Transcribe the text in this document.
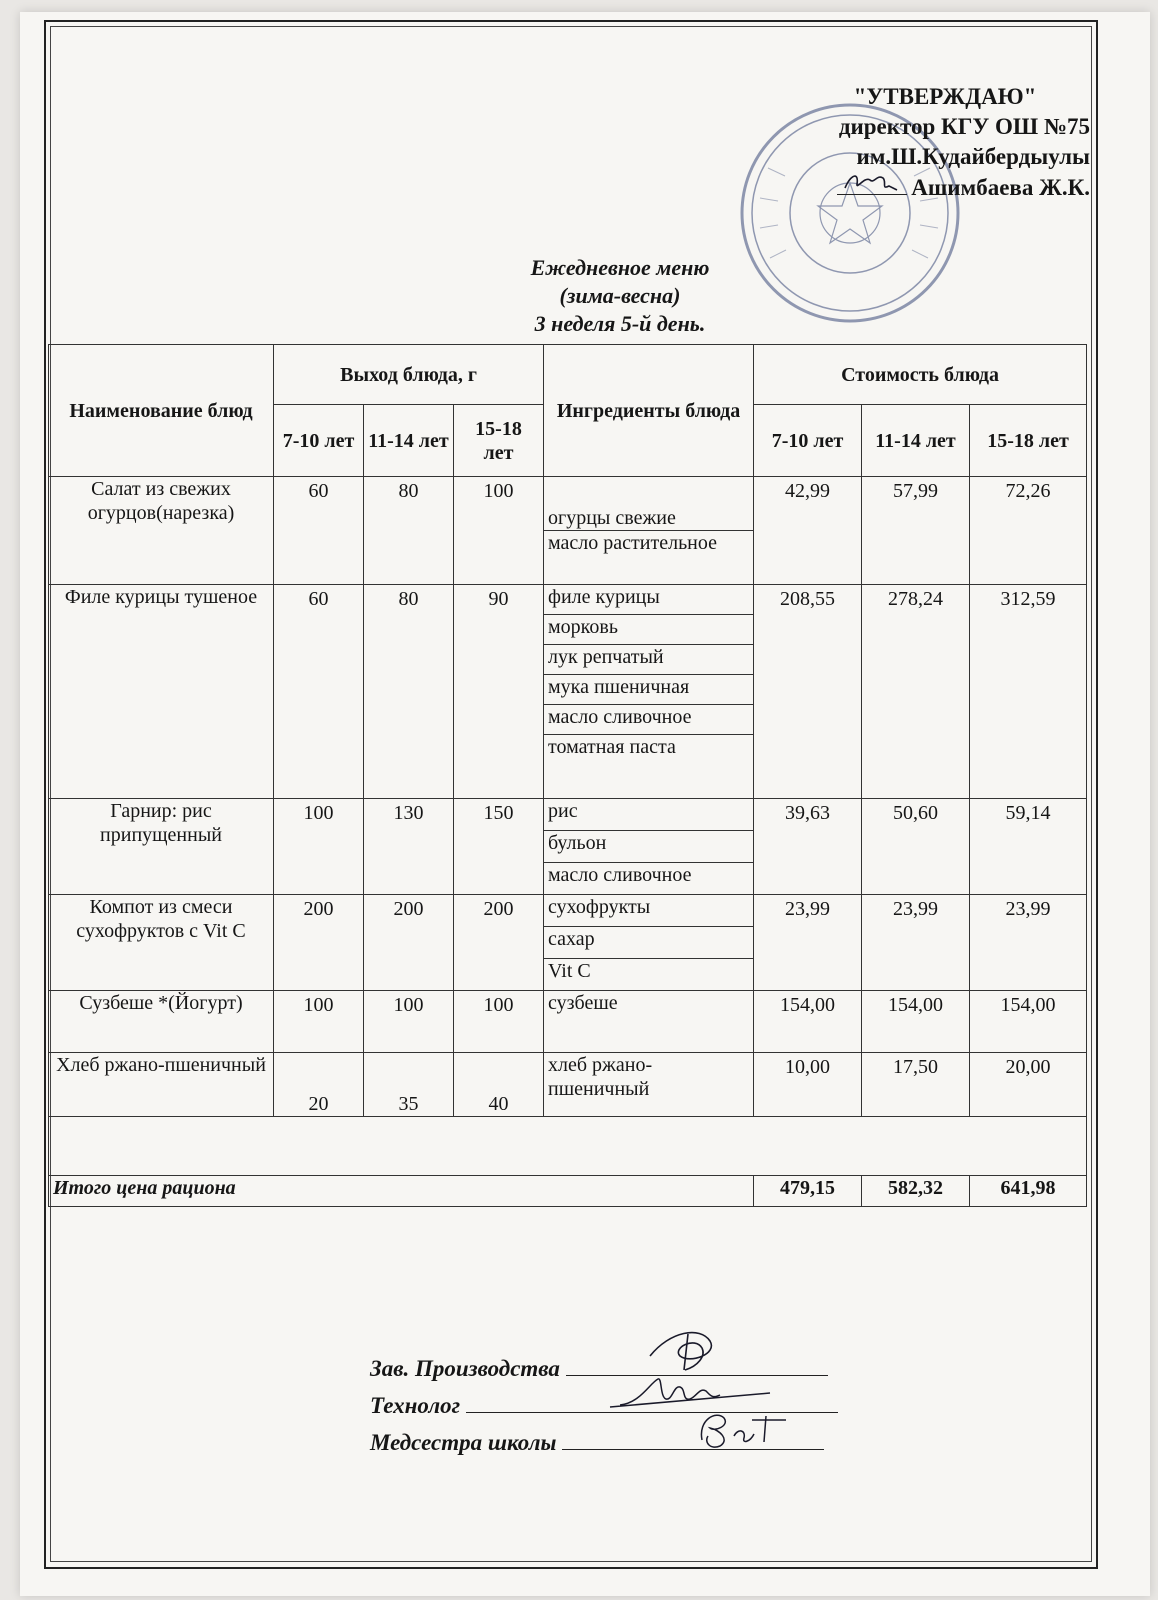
"УТВЕРЖДАЮ"
директор КГУ ОШ №75
им.Ш.Кудайбердыулы
Ашимбаева Ж.К.
Ежедневное меню
(зима-весна)
3 неделя 5-й день.
Наименование блюд	Выход блюда, г			Ингредиенты блюда	Стоимость блюда		
	7-10 лет	11-14 лет	15-18 лет		7-10 лет	11-14 лет	15-18 лет
Салат из свежих огурцов(нарезка)	60	80	100	огурцы свежие	42,99	57,99	72,26
				масло растительное			
Филе курицы тушеное	60	80	90	филе курицы	208,55	278,24	312,59
				морковь			
				лук репчатый			
				мука пшеничная			
				масло сливочное			
				томатная паста			
Гарнир: рис припущенный	100	130	150	рис	39,63	50,60	59,14
				бульон			
				масло сливочное			
Компот из смеси сухофруктов с Vit C	200	200	200	сухофрукты	23,99	23,99	23,99
				сахар			
				Vit C			
Сузбеше *(Йогурт)	100	100	100	сузбеше	154,00	154,00	154,00
Хлеб ржано-пшеничный	20	35	40	хлеб ржано-пшеничный	10,00	17,50	20,00

Итого цена рациона					479,15	582,32	641,98
Зав. Производства
Технолог
Медсестра школы
